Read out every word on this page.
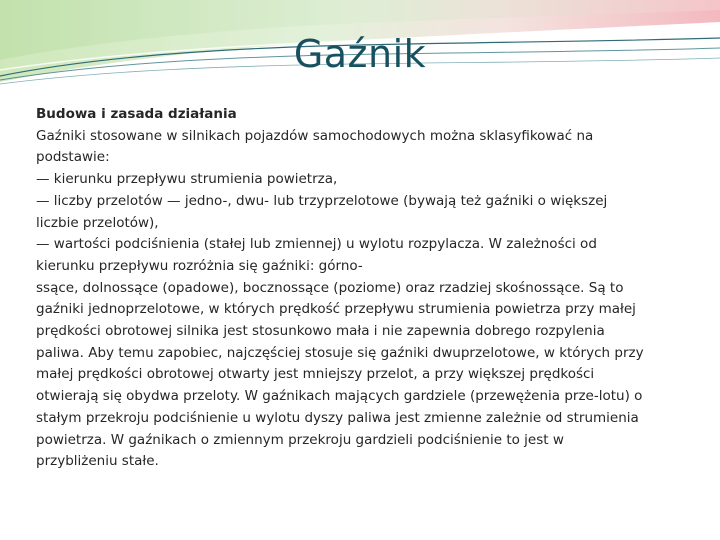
Gaźnik

Budowa i zasada działania

Gaźniki stosowane w silnikach pojazdów samochodowych można sklasyfikować na

podstawie:

— kierunku przepływu strumienia powietrza,

— liczby przelotów — jedno-, dwu- lub trzyprzelotowe (bywają też gaźniki o większej

liczbie przelotów),

— wartości podciśnienia (stałej lub zmiennej) u wylotu rozpylacza. W zależności od

kierunku przepływu rozróżnia się gaźniki: górno-

ssące, dolnossące (opadowe), bocznossące (poziome) oraz rzadziej skośnossące. Są to

gaźniki jednoprzelotowe, w których prędkość przepływu strumienia powietrza przy małej

prędkości obrotowej silnika jest stosunkowo mała i nie zapewnia dobrego rozpylenia

paliwa. Aby temu zapobiec, najczęściej stosuje się gaźniki dwuprzelotowe, w których przy

małej prędkości obrotowej otwarty jest mniejszy przelot, a przy większej prędkości

otwierają się obydwa przeloty. W gaźnikach mających gardziele (przewężenia prze-lotu) o

stałym przekroju podciśnienie u wylotu dyszy paliwa jest zmienne zależnie od strumienia

powietrza. W gaźnikach o zmiennym przekroju gardzieli podciśnienie to jest w

przybliżeniu stałe.
